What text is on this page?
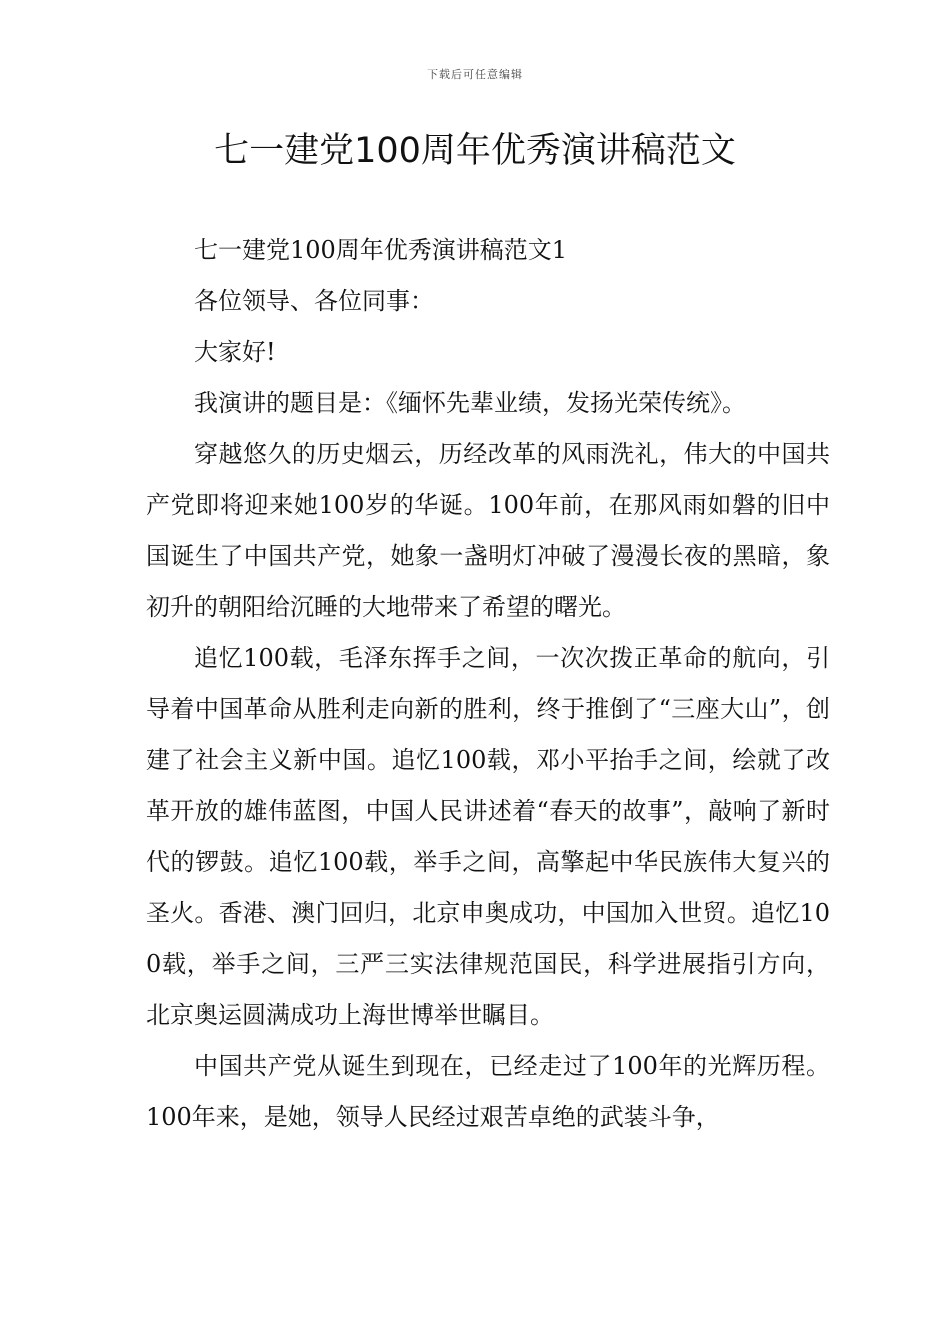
下载后可任意编辑
七一建党100周年优秀演讲稿范文

七一建党100周年优秀演讲稿范文1

各位领导、各位同事：

大家好!

我演讲的题目是：《缅怀先辈业绩，发扬光荣传统》。

穿越悠久的历史烟云，历经改革的风雨洗礼，伟大的中国共产党即将迎来她100岁的华诞。100年前，在那风雨如磐的旧中国诞生了中国共产党，她象一盏明灯冲破了漫漫长夜的黑暗，象初升的朝阳给沉睡的大地带来了希望的曙光。

追忆100载，毛泽东挥手之间，一次次拨正革命的航向，引导着中国革命从胜利走向新的胜利，终于推倒了“三座大山”，创建了社会主义新中国。追忆100载，邓小平抬手之间，绘就了改革开放的雄伟蓝图，中国人民讲述着“春天的故事”，敲响了新时代的锣鼓。追忆100载，举手之间，高擎起中华民族伟大复兴的圣火。香港、澳门回归，北京申奥成功，中国加入世贸。追忆100载，举手之间，三严三实法律规范国民，科学进展指引方向，北京奥运圆满成功上海世博举世瞩目。

中国共产党从诞生到现在，已经走过了100年的光辉历程。100年来，是她，领导人民经过艰苦卓绝的武装斗争，
